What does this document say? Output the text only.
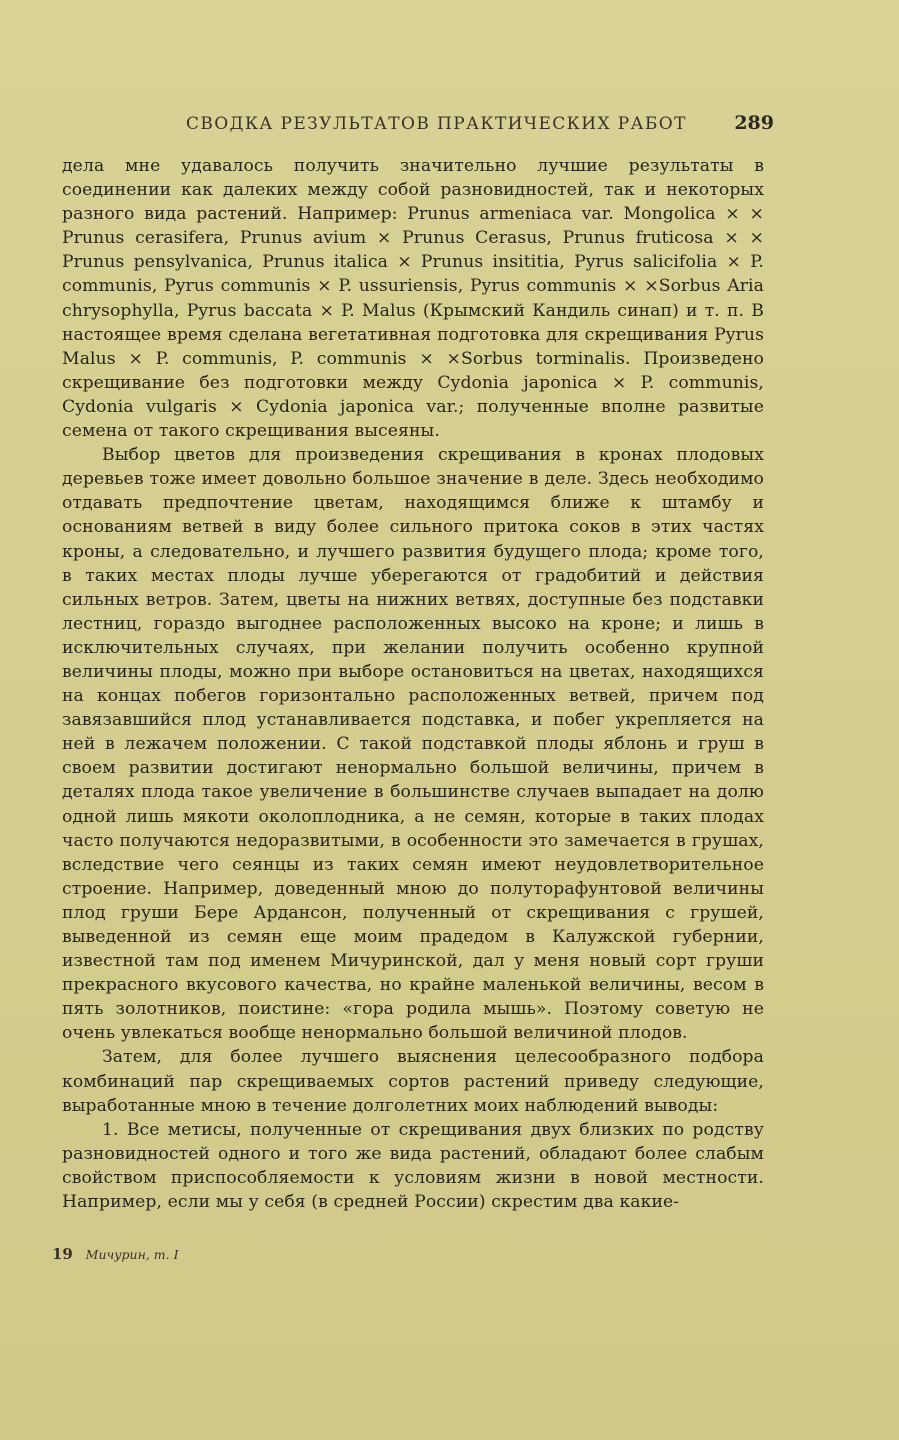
СВОДКА РЕЗУЛЬТАТОВ ПРАКТИЧЕСКИХ РАБОТ 289

дела мне удавалось получить значительно лучшие результаты в соединении как далеких между собой разновидностей, так и некоторых разного вида растений. Например: Prunus armeniaca var. Mongolica × × Prunus cerasifera, Prunus avium × Prunus Cerasus, Prunus fruticosa × × Prunus pensylvanica, Prunus italica × Prunus insititia, Pyrus salicifolia × P. communis, Pyrus communis × P. ussuriensis, Pyrus communis × ×Sorbus Aria chrysophylla, Pyrus baccata × P. Malus (Крымский Кандиль синап) и т. п. В настоящее время сделана вегетативная подготовка для скрещивания Pyrus Malus × P. communis, P. communis × ×Sorbus torminalis. Произведено скрещивание без подготовки между Cydonia japonica × P. communis, Cydonia vulgaris × Cydonia japonica var.; полученные вполне развитые семена от такого скрещивания высеяны.

Выбор цветов для произведения скрещивания в кронах плодовых деревьев тоже имеет довольно большое значение в деле. Здесь необходимо отдавать предпочтение цветам, находящимся ближе к штамбу и основаниям ветвей в виду более сильного притока соков в этих частях кроны, а следовательно, и лучшего развития будущего плода; кроме того, в таких местах плоды лучше уберегаются от градобитий и действия сильных ветров. Затем, цветы на нижних ветвях, доступные без подставки лестниц, гораздо выгоднее расположенных высоко на кроне; и лишь в исключительных случаях, при желании получить особенно крупной величины плоды, можно при выборе остановиться на цветах, находящихся на концах побегов горизонтально расположенных ветвей, причем под завязавшийся плод устанавливается подставка, и побег укрепляется на ней в лежачем положении. С такой подставкой плоды яблонь и груш в своем развитии достигают ненормально большой величины, причем в деталях плода такое увеличение в большинстве случаев выпадает на долю одной лишь мякоти околоплодника, а не семян, которые в таких плодах часто получаются недоразвитыми, в особенности это замечается в грушах, вследствие чего сеянцы из таких семян имеют неудовлетворительное строение. Например, доведенный мною до полуторафунтовой величины плод груши Бере Ардансон, полученный от скрещивания с грушей, выведенной из семян еще моим прадедом в Калужской губернии, известной там под именем Мичуринской, дал у меня новый сорт груши прекрасного вкусового качества, но крайне маленькой величины, весом в пять золотников, поистине: «гора родила мышь». Поэтому советую не очень увлекаться вообще ненормально большой величиной плодов.

Затем, для более лучшего выяснения целесообразного подбора комбинаций пар скрещиваемых сортов растений приведу следующие, выработанные мною в течение долголетних моих наблюдений выводы:

1. Все метисы, полученные от скрещивания двух близких по родству разновидностей одного и того же вида растений, обладают более слабым свойством приспособляемости к условиям жизни в новой местности. Например, если мы у себя (в средней России) скрестим два какие-

19 Мичурин, т. I
